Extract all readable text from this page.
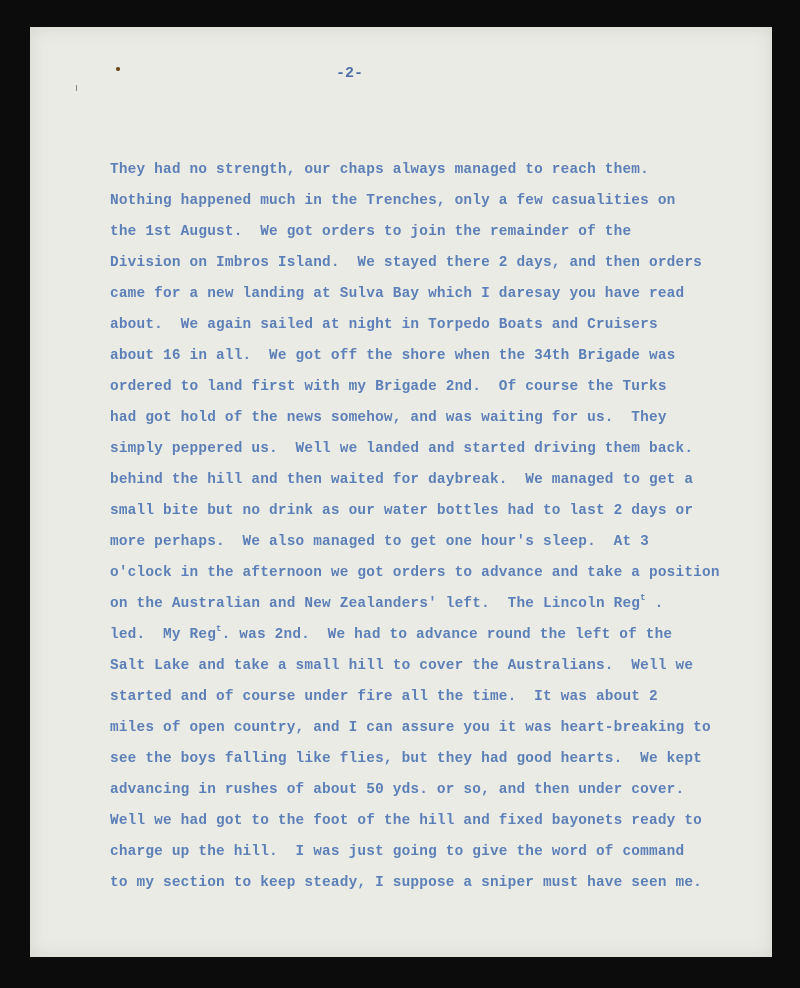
-2-
They had no strength, our chaps always managed to reach them.
Nothing happened much in the Trenches, only a few casualities on
the 1st August.  We got orders to join the remainder of the
Division on Imbros Island.  We stayed there 2 days, and then orders
came for a new landing at Sulva Bay which I daresay you have read
about.  We again sailed at night in Torpedo Boats and Cruisers
about 16 in all.  We got off the shore when the 34th Brigade was
ordered to land first with my Brigade 2nd.  Of course the Turks
had got hold of the news somehow, and was waiting for us.  They
simply peppered us.  Well we landed and started driving them back.
behind the hill and then waited for daybreak.  We managed to get a
small bite but no drink as our water bottles had to last 2 days or
more perhaps.  We also managed to get one hour's sleep.  At 3
o'clock in the afternoon we got orders to advance and take a position
on the Australian and New Zealanders' left.  The Lincoln Reg$^t$ .
led.  My Reg$^t$. was 2nd.  We had to advance round the left of the
Salt Lake and take a small hill to cover the Australians.  Well we
started and of course under fire all the time.  It was about 2
miles of open country, and I can assure you it was heart-breaking to
see the boys falling like flies, but they had good hearts.  We kept
advancing in rushes of about 50 yds. or so, and then under cover.
Well we had got to the foot of the hill and fixed bayonets ready to
charge up the hill.  I was just going to give the word of command
to my section to keep steady, I suppose a sniper must have seen me.
